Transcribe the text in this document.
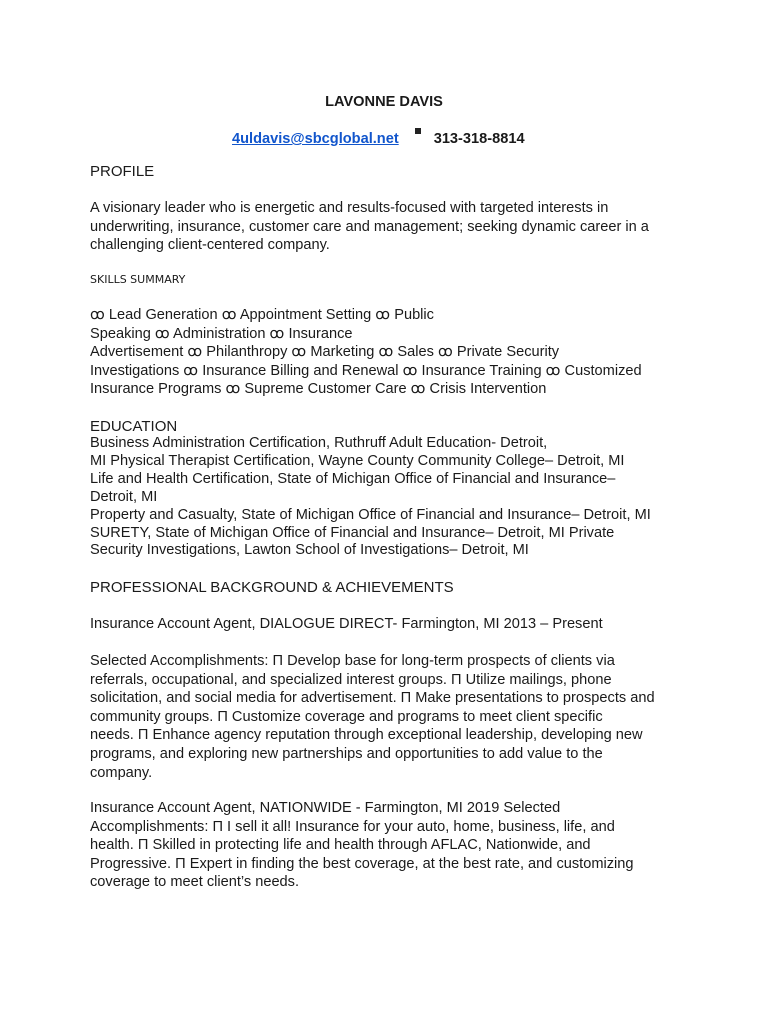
LAVONNE DAVIS
4uldavis@sbcglobal.net 313-318-8814
PROFILE
A visionary leader who is energetic and results-focused with targeted interests in
underwriting, insurance, customer care and management; seeking dynamic career in a
challenging client-centered company.
SKILLS SUMMARY
ꝏ Lead Generation ꝏ Appointment Setting ꝏ Public
Speaking ꝏ Administration ꝏ Insurance
Advertisement ꝏ Philanthropy ꝏ Marketing ꝏ Sales ꝏ Private Security
Investigations ꝏ Insurance Billing and Renewal ꝏ Insurance Training ꝏ Customized
Insurance Programs ꝏ Supreme Customer Care ꝏ Crisis Intervention
EDUCATION
Business Administration Certification, Ruthruff Adult Education- Detroit,
MI Physical Therapist Certification, Wayne County Community College– Detroit, MI
Life and Health Certification, State of Michigan Office of Financial and Insurance–
Detroit, MI
Property and Casualty, State of Michigan Office of Financial and Insurance– Detroit, MI
SURETY, State of Michigan Office of Financial and Insurance– Detroit, MI Private
Security Investigations, Lawton School of Investigations– Detroit, MI
PROFESSIONAL BACKGROUND & ACHIEVEMENTS
Insurance Account Agent, DIALOGUE DIRECT- Farmington, MI 2013 – Present
Selected Accomplishments: Π Develop base for long-term prospects of clients via
referrals, occupational, and specialized interest groups. Π Utilize mailings, phone
solicitation, and social media for advertisement. Π Make presentations to prospects and
community groups. Π Customize coverage and programs to meet client specific
needs. Π Enhance agency reputation through exceptional leadership, developing new
programs, and exploring new partnerships and opportunities to add value to the
company.
Insurance Account Agent, NATIONWIDE - Farmington, MI 2019 Selected
Accomplishments: Π I sell it all! Insurance for your auto, home, business, life, and
health. Π Skilled in protecting life and health through AFLAC, Nationwide, and
Progressive. Π Expert in finding the best coverage, at the best rate, and customizing
coverage to meet client’s needs.
